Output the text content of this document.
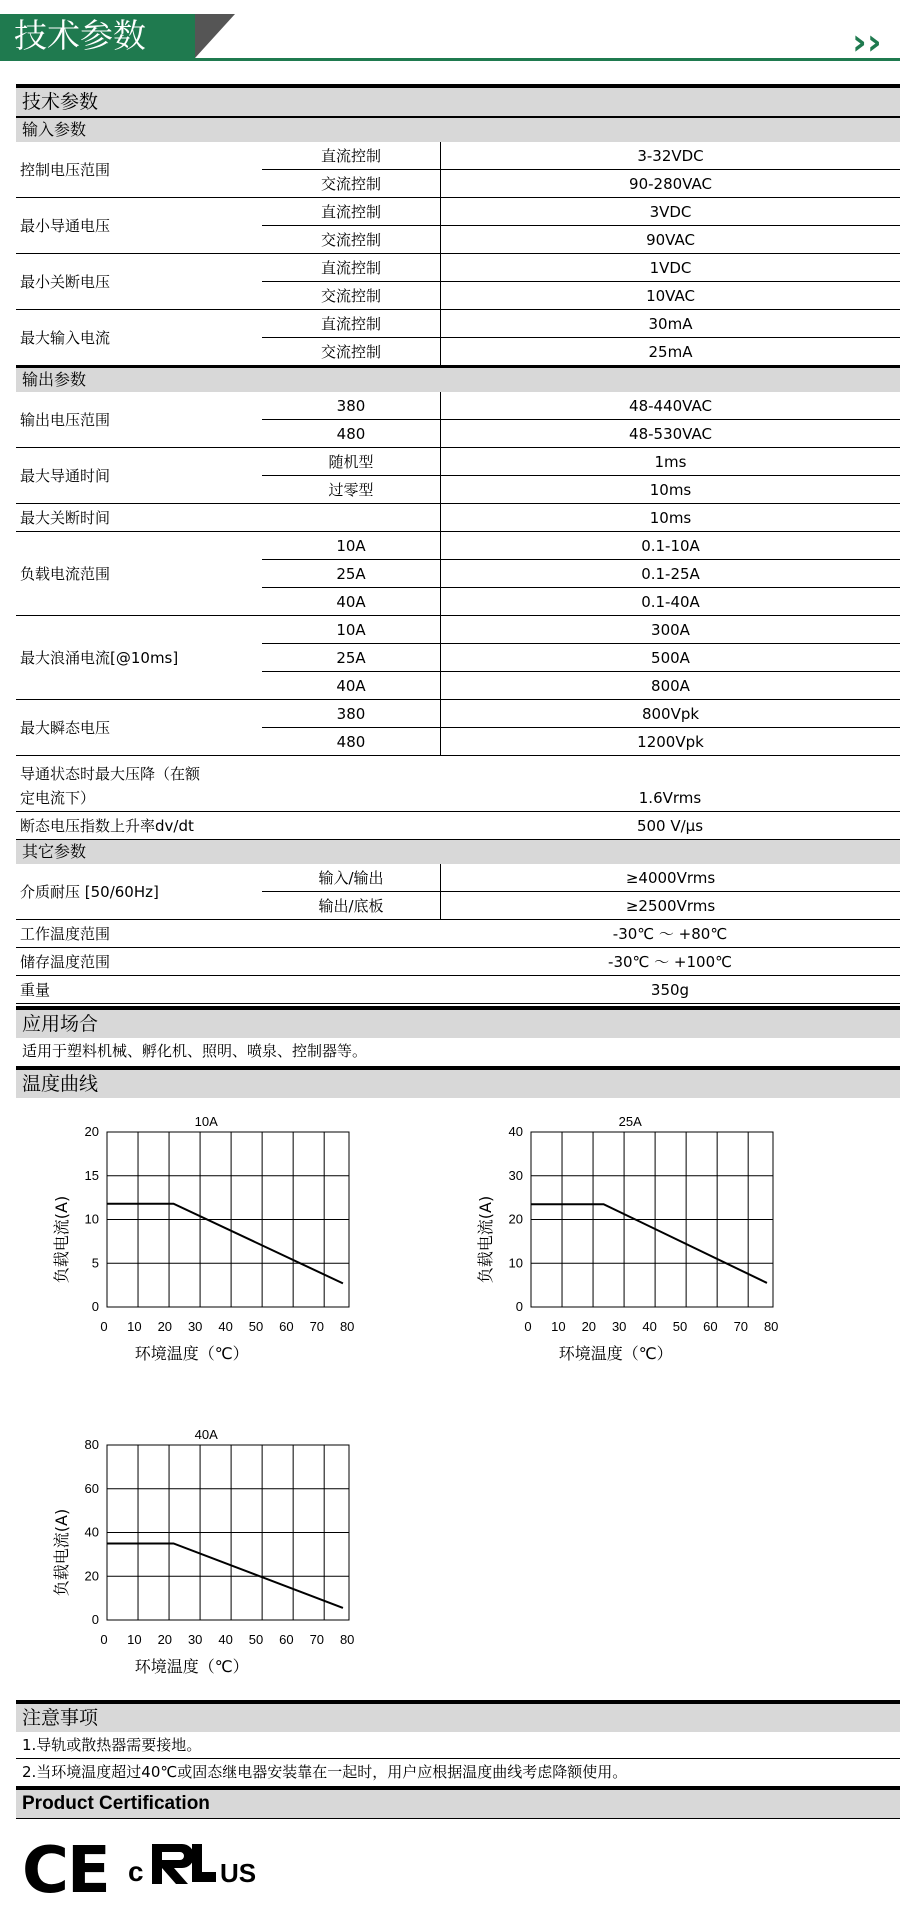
技术参数	››
技术参数
输入参数
控制电压范围	直流控制	3-32VDC
	交流控制	90-280VAC
最小导通电压	直流控制	3VDC
	交流控制	90VAC
最小关断电压	直流控制	1VDC
	交流控制	10VAC
最大输入电流	直流控制	30mA
	交流控制	25mA
输出参数
输出电压范围	380	48-440VAC
	480	48-530VAC
最大导通时间	随机型	1ms
	过零型	10ms
最大关断时间		10ms
负载电流范围	10A	0.1-10A
	25A	0.1-25A
	40A	0.1-40A
最大浪涌电流[@10ms]	10A	300A
	25A	500A
	40A	800A
最大瞬态电压	380	800Vpk
	480	1200Vpk
导通状态时最大压降（在额		
定电流下）		1.6Vrms
断态电压指数上升率dv/dt		500 V/μs
其它参数
介质耐压 [50/60Hz]	输入/输出	≥4000Vrms
	输出/底板	≥2500Vrms
工作温度范围		-30℃ ～ +80℃
储存温度范围		-30℃ ～ +100℃
重量		350g
应用场合
适用于塑料机械、孵化机、照明、喷泉、控制器等。
温度曲线
0
5
10
15
20
0 10 20 30 40 50 60 70 80
10A
环境温度（℃）
负载电流(A)
0
10
20
30
40
0 10 20 30 40 50 60 70 80
25A
环境温度（℃）
负载电流(A)
0
20
40
60
80
0 10 20 30 40 50 60 70 80
40A
环境温度（℃）
负载电流(A)
注意事项
1.导轨或散热器需要接地。
2.当环境温度超过40℃或固态继电器安装靠在一起时，用户应根据温度曲线考虑降额使用。
Product Certification
CE c	US
